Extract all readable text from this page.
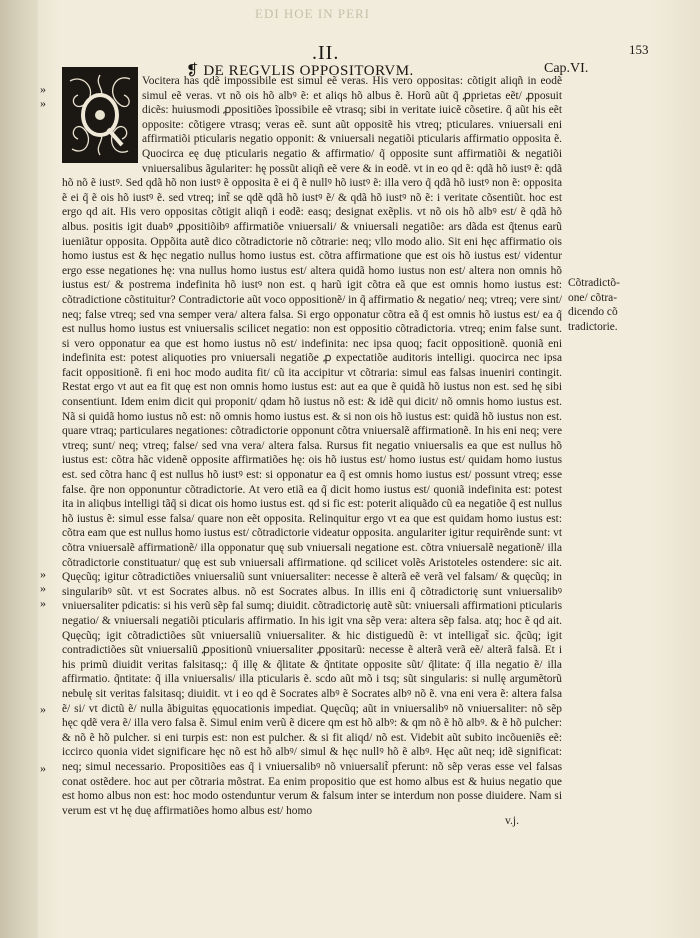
EDI HOE IN PERI
.II.	153
❡ DE REGVLIS OPPOSITORVM.	Cap.VI.
»
»
»
»
»
»
»

Vocitera has qdẽ impossibile est simul eẽ veras. His vero oppositas: cõtigit aliqñ in eodẽ simul eẽ veras. vt nõ ois hõ albꝰ ẽ: et aliqs hõ albus ẽ. Horũ aũt q̃ ꝓprietas eẽt/ ꝓposuit dicẽs: huiusmodi ꝓpositiões ĩpossibile eẽ vtrasq; sibi in veritate iuicẽ cõsetire. q̃ aũt his eẽt opposite: cõtigere vtrasq; veras eẽ. sunt aũt oppositẽ his vtreq; pticulares. vniuersali eni affirmatiõi pticularis negatio opponit: & vniuersali negatiõi pticularis affirmatio opposita ẽ. Quocirca eę duę pticularis negatio & affirmatio/ q̃ opposite sunt affirmatiõi & negatiõi vniuersalibus ãgulariter: hę possũt aliqñ eẽ vere & in eodẽ. vt in eo qd ẽ: qdã hõ iustꝰ ẽ: qdã hõ nõ ẽ iustꝰ. Sed qdã hõ non iustꝰ ẽ opposita ẽ ei q̃ ẽ nullꝰ hõ iustꝰ ẽ: illa vero q̃ qdã hõ iustꝰ non ẽ: opposita ẽ ei q̃ ẽ ois hõ iustꝰ ẽ. sed vtreq; int̃ se qdẽ qdã hõ iustꝰ ẽ/ & qdã hõ iustꝰ nõ ẽ: i veritate cõsentiũt. hoc est ergo qd ait. His vero oppositas cõtigit aliqñ i eodẽ: easq; designat exẽplis. vt nõ ois hõ albꝰ est/ ẽ qdã hõ albus. positis igit duabꝰ ꝓpositiõibꝰ affirmatiõe vniuersali/ & vniuersali negatiõe: ars dãda est q̃tenus earũ iueniãtur opposita. Oppõita autẽ dico cõtradictorie nõ cõtrarie: neq; vllo modo alio. Sit eni hęc affirmatio ois homo iustus est & hęc negatio nullus homo iustus est. cõtra affirmatione que est ois hõ iustus est/ videntur ergo esse negationes hę: vna nullus homo iustus est/ altera quidã homo iustus non est/ altera non omnis hõ iustus est/ & postrema indefinita hõ iustꝰ non est. q harũ igit cõtra eã que est omnis homo iustus est: cõtradictione cõstituitur? Contradictorie aũt voco oppositionẽ/ in q̃ affirmatio & negatio/ neq; vtreq; vere sint/ neq; false vtreq; sed vna semper vera/ altera falsa. Si ergo opponatur cõtra eã q̃ est omnis hõ iustus est/ ea q̃ est nullus homo iustus est vniuersalis scilicet negatio: non est oppositio cõtradictoria. vtreq; enim false sunt. si vero opponatur ea que est homo iustus nõ est/ indefinita: nec ipsa quoq; facit oppositionẽ. quoniã eni indefinita est: potest aliquoties pro vniuersali negatiõe ꝓ expectatiõe auditoris intelligi. quocirca nec ipsa facit oppositionẽ. fi eni hoc modo audita fit/ cũ ita accipitur vt cõtraria: simul eas falsas inueniri contingit. Restat ergo vt aut ea fit quę est non omnis homo iustus est: aut ea que ẽ quidã hõ iustus non est. sed hę sibi consentiunt. Idem enim dicit qui proponit/ qdam hõ iustus nõ est: & idẽ qui dicit/ nõ omnis homo iustus est. Nã si quidã homo iustus nõ est: nõ omnis homo iustus est. & si non ois hõ iustus est: quidã hõ iustus non est. quare vtraq; particulares negationes: cõtradictorie opponunt cõtra vniuersalẽ affirmationẽ. In his eni neq; vere vtreq; sunt/ neq; vtreq; false/ sed vna vera/ altera falsa. Rursus fit negatio vniuersalis ea que est nullus hõ iustus est: cõtra hãc videnẽ opposite affirmatiões hę: ois hõ iustus est/ homo iustus est/ quidam homo iustus est. sed cõtra hanc q̃ est nullus hõ iustꝰ est: si opponatur ea q̃ est omnis homo iustus est/ possunt vtreq; esse false. q̃re non opponuntur cõtradictorie. At vero etiã ea q̃ dicit homo iustus est/ quoniã indefinita est: potest ita in aliqbus intelligi tãq̃ si dicat ois homo iustus est. qd si fic est: poterit aliquãdo cũ ea negatiõe q̃ est nullus hõ iustus ẽ: simul esse falsa/ quare non eẽt opposita. Relinquitur ergo vt ea que est quidam homo iustus est: cõtra eam que est nullus homo iustus est/ cõtradictorie videatur opposita. angulariter igitur requirẽnde sunt: vt cõtra vniuersalẽ affirmationẽ/ illa opponatur quę sub vniuersali negatione est. cõtra vniuersalẽ negationẽ/ illa cõtradictorie constituatur/ quę est sub vniuersali affirmatione. qd scilicet volẽs Aristoteles ostendere: sic ait. Quęcũq; igitur cõtradictiões vniuersaliũ sunt vniuersaliter: necesse ẽ alterã eẽ verã vel falsam/ & quęcũq; in singularibꝰ sũt. vt est Socrates albus. nõ est Socrates albus. In illis eni q̃ cõtradictorię sunt vniuersalibꝰ vniuersaliter pdicatis: si his verũ sẽp fal sumq; diuidit. cõtradictorię autẽ sũt: vniuersali affirmationi pticularis negatio/ & vniuersali negatiõi pticularis affirmatio. In his igit vna sẽp vera: altera sẽp falsa. atq; hoc ẽ qd ait. Quęcũq; igit cõtradictiões sũt vniuersaliũ vniuersaliter. & hic distiguedũ ẽ: vt intelligat̃ sic. q̃cũq; igit contradictiões sũt vniuersaliũ ꝓpositionũ vniuersaliter ꝓpositarũ: necesse ẽ alterã verã eẽ/ alterã falsã. Et i his primũ diuidit veritas falsitasq;: q̃ illę & q̃litate & q̃ntitate opposite sũt/ q̃litate: q̃ illa negatio ẽ/ illa affirmatio. q̃ntitate: q̃ illa vniuersalis/ illa pticularis ẽ. scdo aũt mõ i tsq; sũt singularis: si nullę argumẽtorũ nebulę sit veritas falsitasq; diuidit. vt i eo qd ẽ Socrates albꝰ ẽ Socrates albꝰ nõ ẽ. vna eni vera ẽ: altera falsa ẽ/ si/ vt dictũ ẽ/ nulla ãbiguitas ęquocationis impediat. Quęcũq; aũt in vniuersalibꝰ nõ vniuersaliter: nõ sẽp hęc qdẽ vera ẽ/ illa vero falsa ẽ. Simul enim verũ ẽ dicere qm est hõ albꝰ: & qm nõ ẽ hõ albꝰ. & ẽ hõ pulcher: & nõ ẽ hõ pulcher. si eni turpis est: non est pulcher. & si fit aliqd/ nõ est. Videbit aũt subito incõueniẽs eẽ: iccirco quonia videt significare hęc nõ est hõ albꝰ/ simul & hęc nullꝰ hõ ẽ albꝰ. Hęc aũt neq; idẽ significat: neq; simul necessario. Propositiões eas q̃ i vniuersalibꝰ nõ vniuersalit̃ pferunt: nõ sẽp veras esse vel falsas conat ostẽdere. hoc aut per cõtraria mõstrat. Ea enim propositio que est homo albus est & huius negatio que est homo albus non est: hoc modo ostenduntur verum & falsum inter se interdum non posse diuidere. Nam si verum est vt hę duę affirmatiões homo albus est/ homo

Cõtradictõ-
one/ cõtra-
dicendo cõ
tradictorie.
v.j.
